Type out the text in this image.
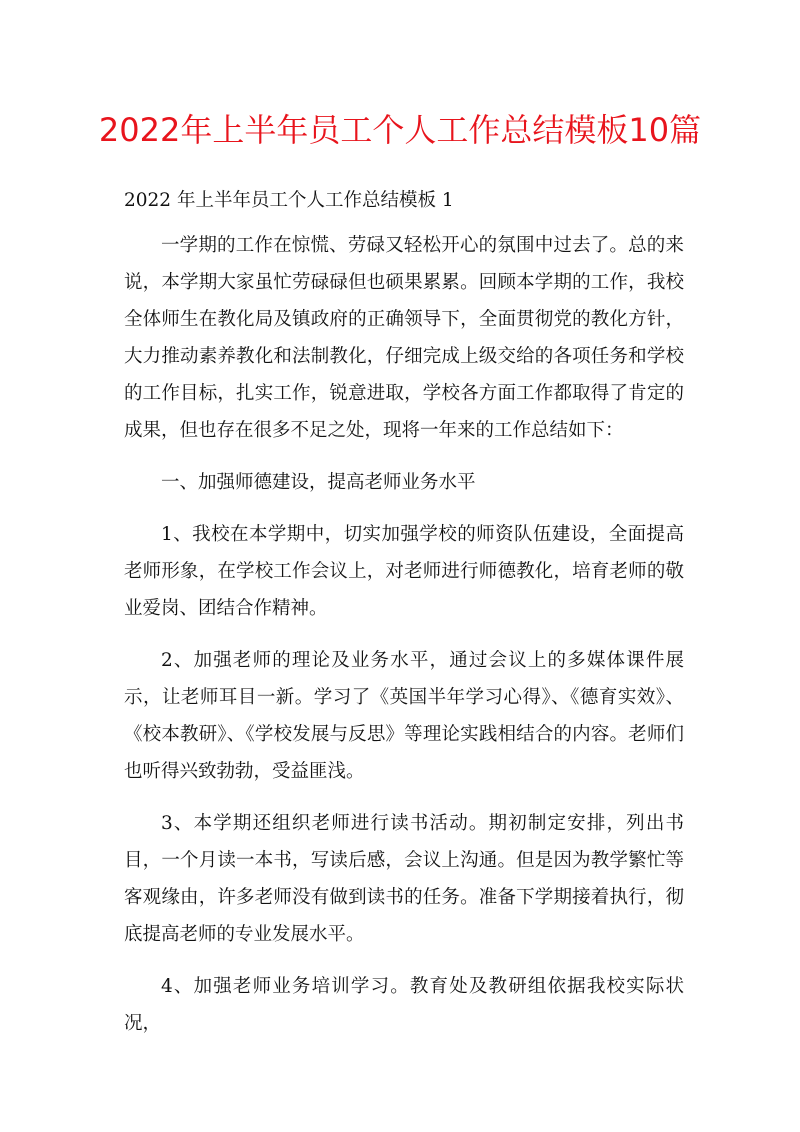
2022年上半年员工个人工作总结模板10篇

2022 年上半年员工个人工作总结模板 1

一学期的工作在惊慌、劳碌又轻松开心的氛围中过去了。总的来说，本学期大家虽忙劳碌碌但也硕果累累。回顾本学期的工作，我校全体师生在教化局及镇政府的正确领导下，全面贯彻党的教化方针，大力推动素养教化和法制教化，仔细完成上级交给的各项任务和学校的工作目标，扎实工作，锐意进取，学校各方面工作都取得了肯定的成果，但也存在很多不足之处，现将一年来的工作总结如下：

一、加强师德建设，提高老师业务水平

1、我校在本学期中，切实加强学校的师资队伍建设，全面提高老师形象，在学校工作会议上，对老师进行师德教化，培育老师的敬业爱岗、团结合作精神。

2、加强老师的理论及业务水平，通过会议上的多媒体课件展示，让老师耳目一新。学习了《英国半年学习心得》、《德育实效》、《校本教研》、《学校发展与反思》等理论实践相结合的内容。老师们也听得兴致勃勃，受益匪浅。

3、本学期还组织老师进行读书活动。期初制定安排，列出书目，一个月读一本书，写读后感，会议上沟通。但是因为教学繁忙等客观缘由，许多老师没有做到读书的任务。准备下学期接着执行，彻底提高老师的专业发展水平。

4、加强老师业务培训学习。教育处及教研组依据我校实际状况，
